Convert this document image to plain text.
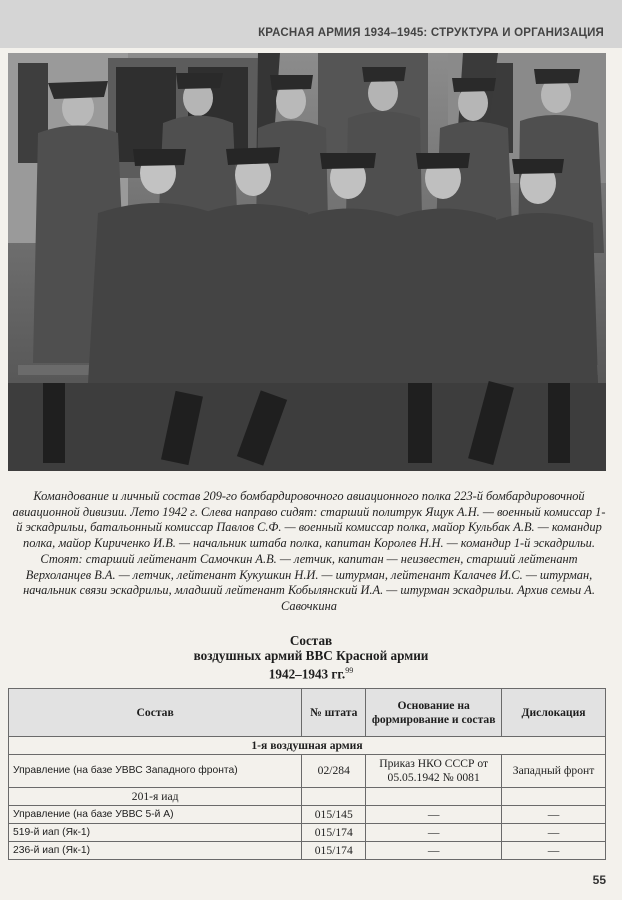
КРАСНАЯ АРМИЯ 1934–1945: СТРУКТУРА И ОРГАНИЗАЦИЯ
Командование и личный состав 209-го бомбардировочного авиационного полка 223-й бомбардировочной авиационной дивизии. Лето 1942 г. Слева направо сидят: старший политрук Ящук А.Н. — военный комиссар 1-й эскадрильи, батальонный комиссар Павлов С.Ф. — военный комиссар полка, майор Кульбак А.В. — командир полка, майор Кириченко И.В. — начальник штаба полка, капитан Королев Н.Н. — командир 1-й эскадрильи. Стоят: старший лейтенант Самочкин А.В. — летчик, капитан — неизвестен, старший лейтенант Верхоланцев В.А. — летчик, лейтенант Кукушкин Н.И. — штурман, лейтенант Калачев И.С. — штурман, начальник связи эскадрильи, младший лейтенант Кобылянский И.А. — штурман эскадрильи. Архив семьи А. Савочкина
Состав
воздушных армий ВВС Красной армии
1942–1943 гг.$^{99}$
Состав	№ штата	Основание на формирование и состав	Дислокация
1-я воздушная армия			
Управление (на базе УВВС Западного фронта)	02/284	Приказ НКО СССР от 05.05.1942 № 0081	Западный фронт
201-я иад			
Управление (на базе УВВС 5-й А)	015/145	—	—
519-й иап (Як-1)	015/174	—	—
236-й иап (Як-1)	015/174	—	—
55
